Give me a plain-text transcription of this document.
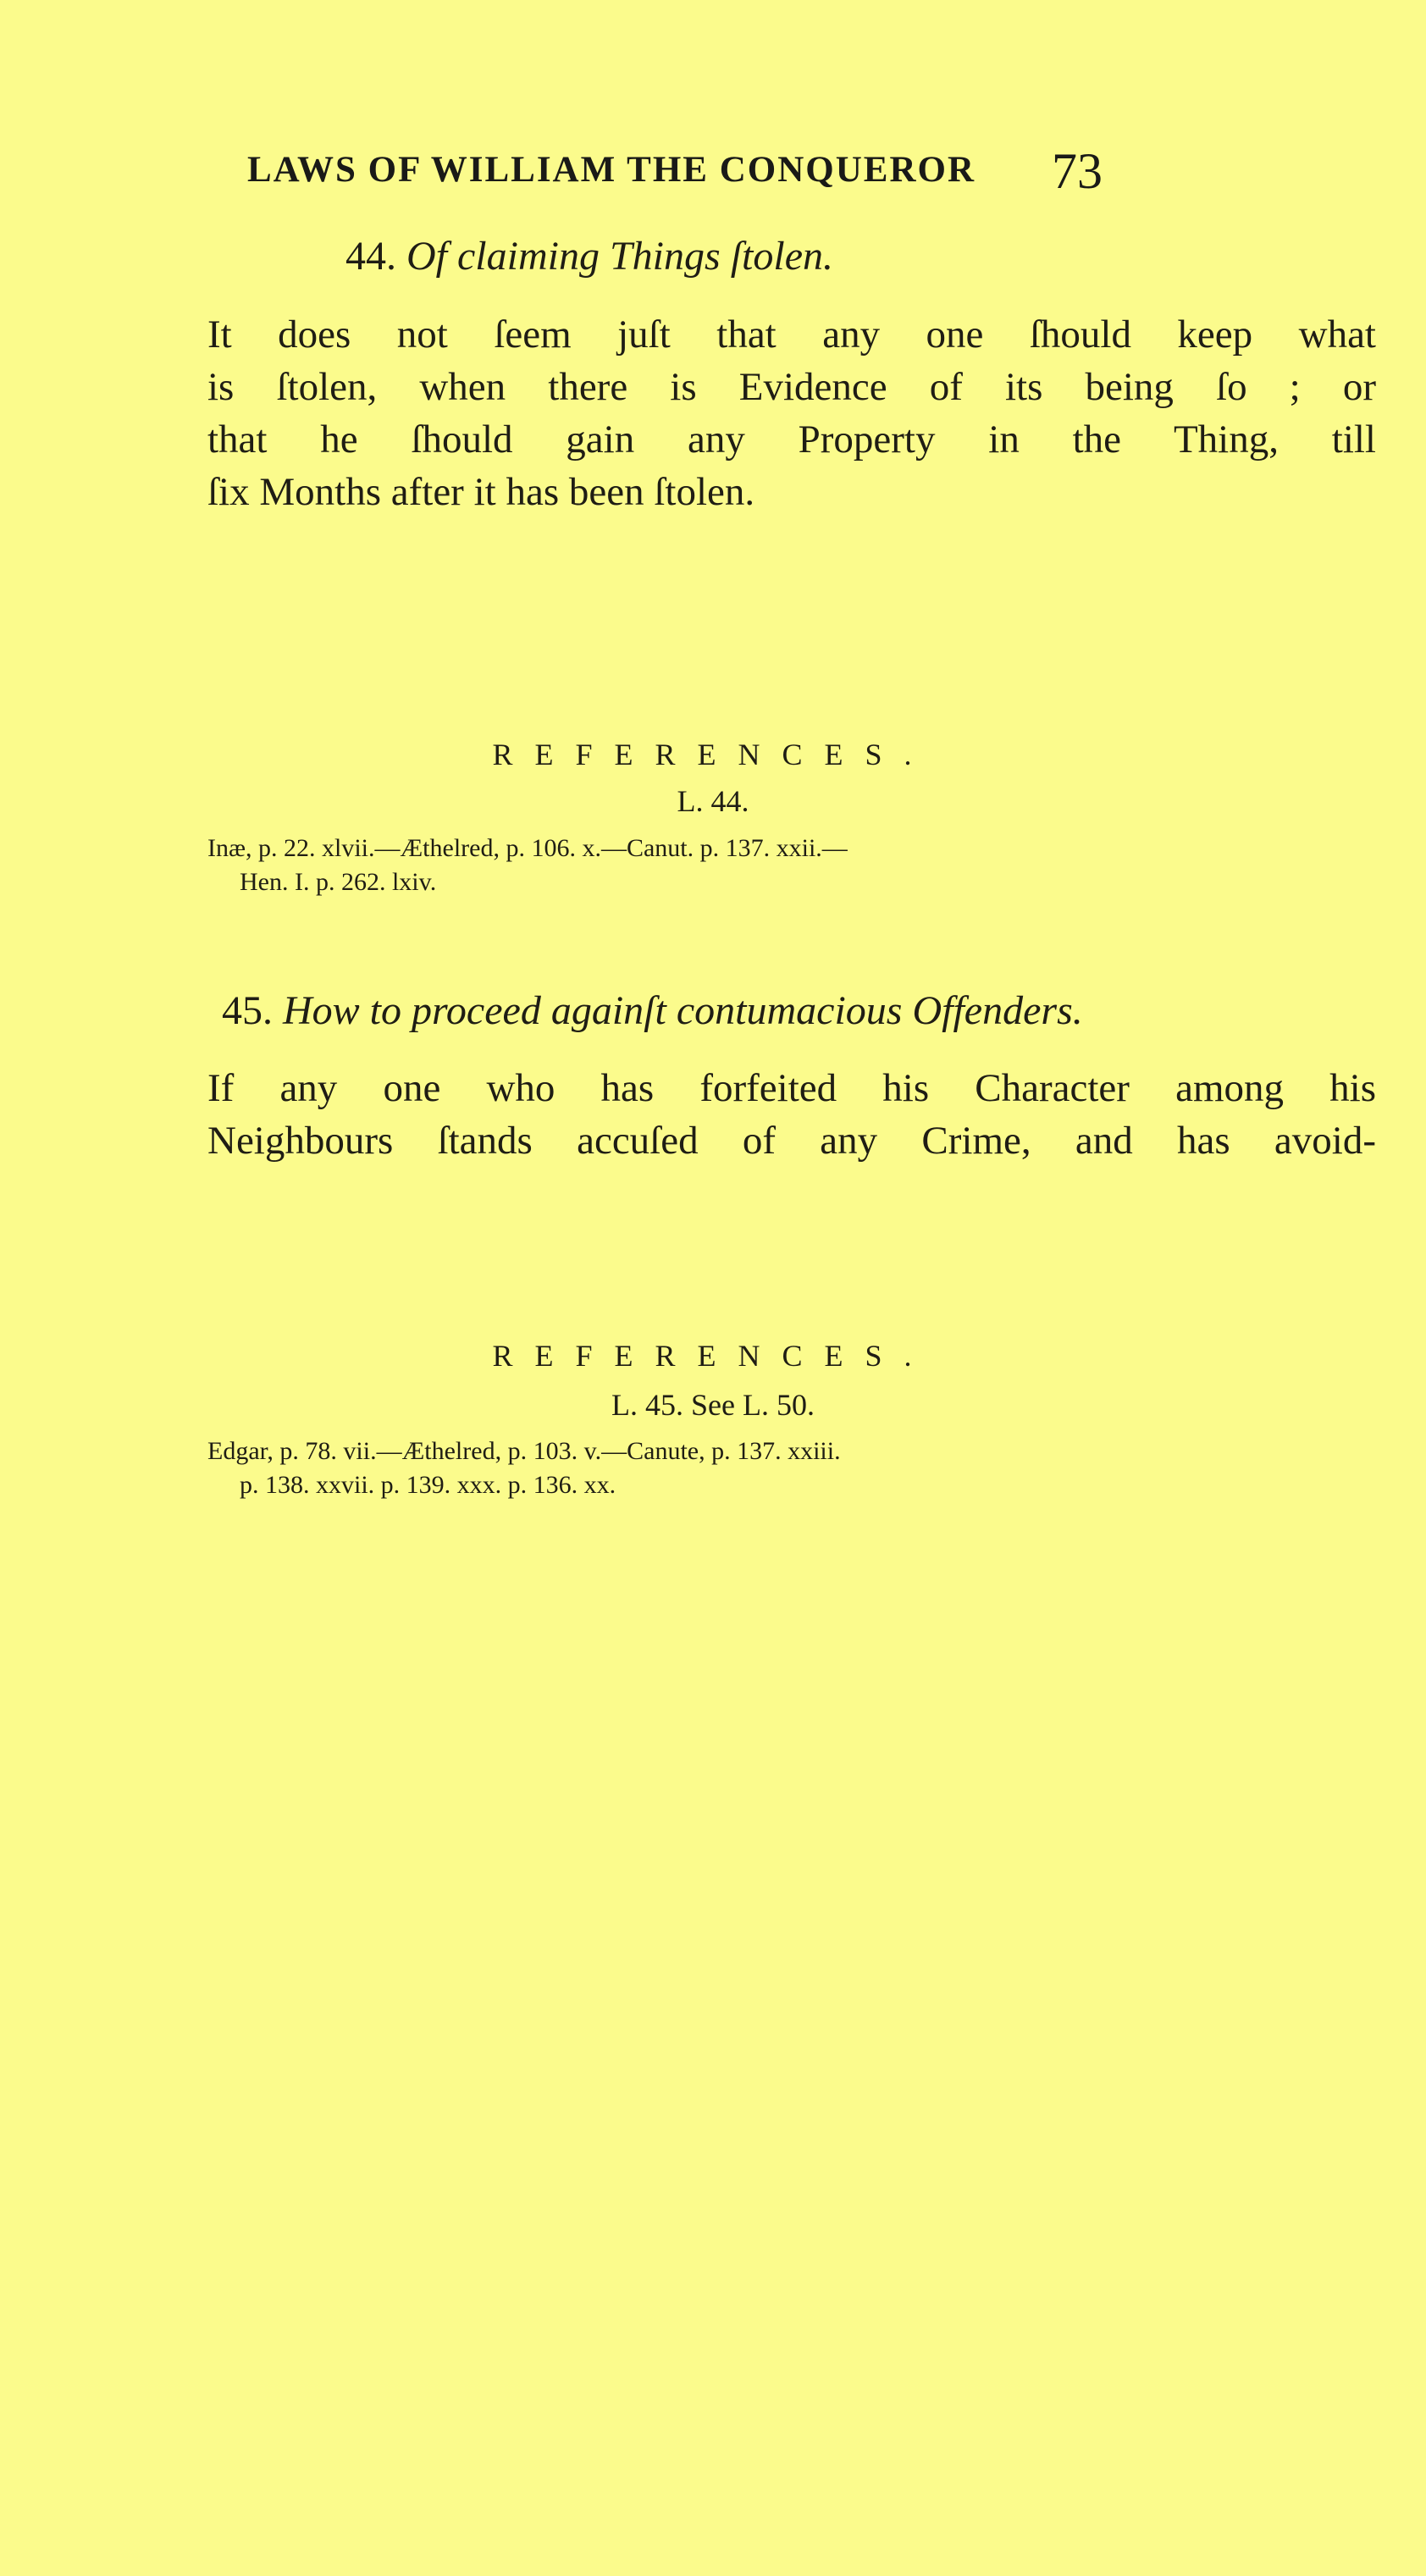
LAWS OF WILLIAM THE CONQUEROR 73
44. Of claiming Things ſtolen.
It does not ſeem juſt that any one ſhould keep what
is ſtolen, when there is Evidence of its being ſo ; or
that he ſhould gain any Property in the Thing, till
ſix Months after it has been ſtolen.
REFERENCES.
L. 44.
Inæ, p. 22. xlvii.—Æthelred, p. 106. x.—Canut. p. 137. xxii.—
Hen. I. p. 262. lxiv.
45. How to proceed againſt contumacious Offenders.
If any one who has forfeited his Character among his
Neighbours ſtands accuſed of any Crime, and has avoid-
REFERENCES.
L. 45. See L. 50.
Edgar, p. 78. vii.—Æthelred, p. 103. v.—Canute, p. 137. xxiii.
p. 138. xxvii. p. 139. xxx. p. 136. xx.
